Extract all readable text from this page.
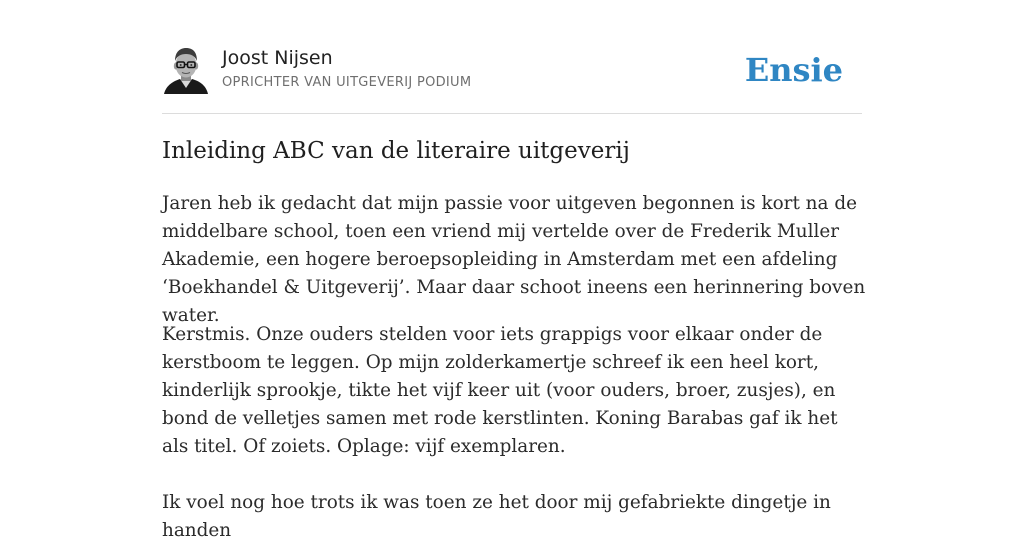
Joost Nijsen
OPRICHTER VAN UITGEVERIJ PODIUM	Ensie
Inleiding ABC van de literaire uitgeverij

Jaren heb ik gedacht dat mijn passie voor uitgeven begonnen is kort na de middelbare school, toen een vriend mij vertelde over de Frederik Muller Akademie, een hogere beroepsopleiding in Amsterdam met een afdeling ‘Boekhandel & Uitgeverij’. Maar daar schoot ineens een herinnering boven water.

Kerstmis. Onze ouders stelden voor iets grappigs voor elkaar onder de kerstboom te leggen. Op mijn zolderkamertje schreef ik een heel kort, kinderlijk sprookje, tikte het vijf keer uit (voor ouders, broer, zusjes), en bond de velletjes samen met rode kerstlinten. Koning Barabas gaf ik het als titel. Of zoiets. Oplage: vijf exemplaren.

Ik voel nog hoe trots ik was toen ze het door mij gefabriekte dingetje in handen
